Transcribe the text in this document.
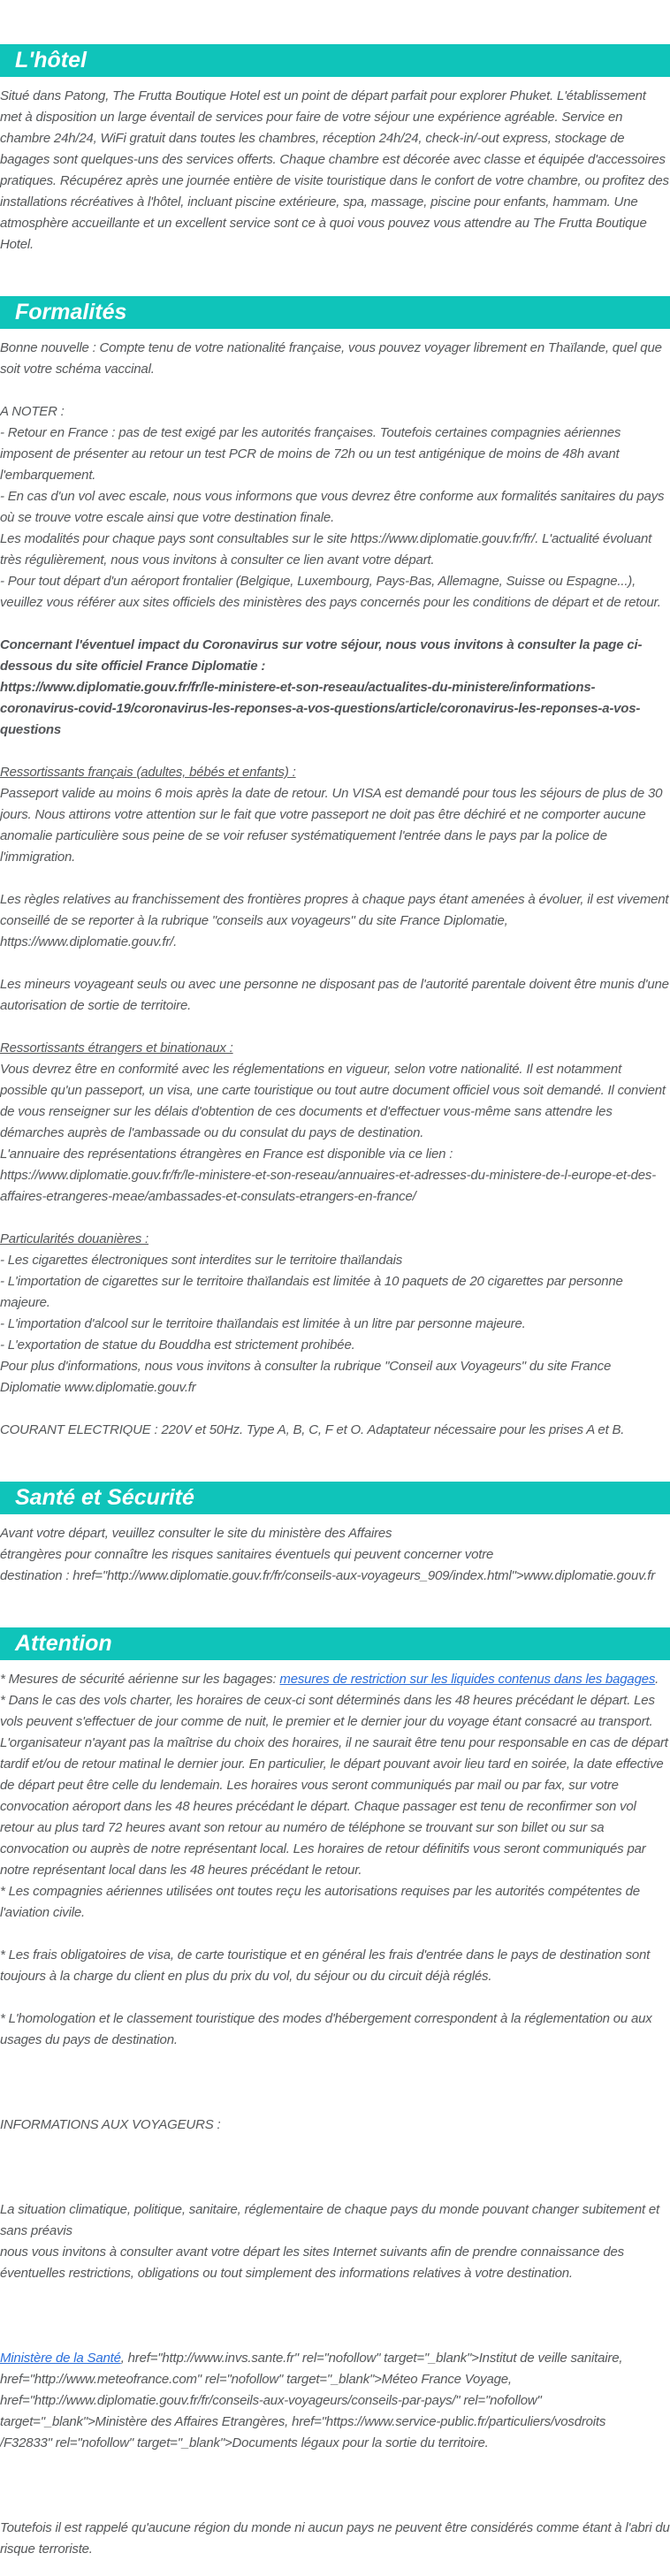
L'hôtel

Situé dans Patong, The Frutta Boutique Hotel est un point de départ parfait pour explorer Phuket. L'établissement met à disposition un large éventail de services pour faire de votre séjour une expérience agréable. Service en chambre 24h/24, WiFi gratuit dans toutes les chambres, réception 24h/24, check-in/-out express, stockage de bagages sont quelques-uns des services offerts. Chaque chambre est décorée avec classe et équipée d'accessoires pratiques. Récupérez après une journée entière de visite touristique dans le confort de votre chambre, ou profitez des installations récréatives à l'hôtel, incluant piscine extérieure, spa, massage, piscine pour enfants, hammam. Une atmosphère accueillante et un excellent service sont ce à quoi vous pouvez vous attendre au The Frutta Boutique Hotel.

Formalités

Bonne nouvelle : Compte tenu de votre nationalité française, vous pouvez voyager librement en Thaïlande, quel que soit votre schéma vaccinal.

A NOTER :

- Retour en France : pas de test exigé par les autorités françaises. Toutefois certaines compagnies aériennes imposent de présenter au retour un test PCR de moins de 72h ou un test antigénique de moins de 48h avant l'embarquement.

- En cas d'un vol avec escale, nous vous informons que vous devrez être conforme aux formalités sanitaires du pays où se trouve votre escale ainsi que votre destination finale.

Les modalités pour chaque pays sont consultables sur le site https://www.diplomatie.gouv.fr/fr/. L'actualité évoluant très régulièrement, nous vous invitons à consulter ce lien avant votre départ.

- Pour tout départ d'un aéroport frontalier (Belgique, Luxembourg, Pays-Bas, Allemagne, Suisse ou Espagne...), veuillez vous référer aux sites officiels des ministères des pays concernés pour les conditions de départ et de retour.

Concernant l'éventuel impact du Coronavirus sur votre séjour, nous vous invitons à consulter la page ci-dessous du site officiel France Diplomatie :

https://www.diplomatie.gouv.fr/fr/le-ministere-et-son-reseau/actualites-du-ministere/informations-coronavirus-covid-19/coronavirus-les-reponses-a-vos-questions/article/coronavirus-les-reponses-a-vos-questions

Ressortissants français (adultes, bébés et enfants) :

Passeport valide au moins 6 mois après la date de retour. Un VISA est demandé pour tous les séjours de plus de 30 jours. Nous attirons votre attention sur le fait que votre passeport ne doit pas être déchiré et ne comporter aucune anomalie particulière sous peine de se voir refuser systématiquement l'entrée dans le pays par la police de l'immigration.

Les règles relatives au franchissement des frontières propres à chaque pays étant amenées à évoluer, il est vivement conseillé de se reporter à la rubrique "conseils aux voyageurs" du site France Diplomatie,
https://www.diplomatie.gouv.fr/.

Les mineurs voyageant seuls ou avec une personne ne disposant pas de l'autorité parentale doivent être munis d'une autorisation de sortie de territoire.

Ressortissants étrangers et binationaux :

Vous devrez être en conformité avec les réglementations en vigueur, selon votre nationalité. Il est notamment possible qu'un passeport, un visa, une carte touristique ou tout autre document officiel vous soit demandé. Il convient de vous renseigner sur les délais d'obtention de ces documents et d'effectuer vous-même sans attendre les démarches auprès de l'ambassade ou du consulat du pays de destination.

L'annuaire des représentations étrangères en France est disponible via ce lien :

https://www.diplomatie.gouv.fr/fr/le-ministere-et-son-reseau/annuaires-et-adresses-du-ministere-de-l-europe-et-des-affaires-etrangeres-meae/ambassades-et-consulats-etrangers-en-france/

Particularités douanières :

- Les cigarettes électroniques sont interdites sur le territoire thaïlandais

- L'importation de cigarettes sur le territoire thaïlandais est limitée à 10 paquets de 20 cigarettes par personne majeure.

- L'importation d'alcool sur le territoire thaïlandais est limitée à un litre par personne majeure.

- L'exportation de statue du Bouddha est strictement prohibée.

Pour plus d'informations, nous vous invitons à consulter la rubrique "Conseil aux Voyageurs" du site France Diplomatie www.diplomatie.gouv.fr

COURANT ELECTRIQUE : 220V et 50Hz. Type A, B, C, F et O. Adaptateur nécessaire pour les prises A et B.

Santé et Sécurité

Avant votre départ, veuillez consulter le site du ministère des Affaires
étrangères pour connaître les risques sanitaires éventuels qui peuvent concerner votre
destination : href="http://www.diplomatie.gouv.fr/fr/conseils-aux-voyageurs_909/index.html">www.diplomatie.gouv.fr

Attention

* Mesures de sécurité aérienne sur les bagages: mesures de restriction sur les liquides contenus dans les bagages.

* Dans le cas des vols charter, les horaires de ceux-ci sont déterminés dans les 48 heures précédant le départ. Les vols peuvent s'effectuer de jour comme de nuit, le premier et le dernier jour du voyage étant consacré au transport. L'organisateur n'ayant pas la maîtrise du choix des horaires, il ne saurait être tenu pour responsable en cas de départ tardif et/ou de retour matinal le dernier jour. En particulier, le départ pouvant avoir lieu tard en soirée, la date effective de départ peut être celle du lendemain. Les horaires vous seront communiqués par mail ou par fax, sur votre convocation aéroport dans les 48 heures précédant le départ. Chaque passager est tenu de reconfirmer son vol retour au plus tard 72 heures avant son retour au numéro de téléphone se trouvant sur son billet ou sur sa convocation ou auprès de notre représentant local. Les horaires de retour définitifs vous seront communiqués par notre représentant local dans les 48 heures précédant le retour.

* Les compagnies aériennes utilisées ont toutes reçu les autorisations requises par les autorités compétentes de l'aviation civile.

* Les frais obligatoires de visa, de carte touristique et en général les frais d'entrée dans le pays de destination sont toujours à la charge du client en plus du prix du vol, du séjour ou du circuit déjà réglés.

* L'homologation et le classement touristique des modes d'hébergement correspondent à la réglementation ou aux usages du pays de destination.

INFORMATIONS AUX VOYAGEURS :

La situation climatique, politique, sanitaire, réglementaire de chaque pays du monde pouvant changer subitement et sans préavis
nous vous invitons à consulter avant votre départ les sites Internet suivants afin de prendre connaissance des éventuelles restrictions, obligations ou tout simplement des informations relatives à votre destination.

Ministère de la Santé, href="http://www.invs.sante.fr" rel="nofollow" target="_blank">Institut de veille sanitaire,
href="http://www.meteofrance.com" rel="nofollow" target="_blank">Méteo France Voyage,
href="http://www.diplomatie.gouv.fr/fr/conseils-aux-voyageurs/conseils-par-pays/" rel="nofollow"
target="_blank">Ministère des Affaires Etrangères, href="https://www.service-public.fr/particuliers/vosdroits
/F32833" rel="nofollow" target="_blank">Documents légaux pour la sortie du territoire.

Toutefois il est rappelé qu'aucune région du monde ni aucun pays ne peuvent être considérés comme étant à l'abri du risque terroriste.
